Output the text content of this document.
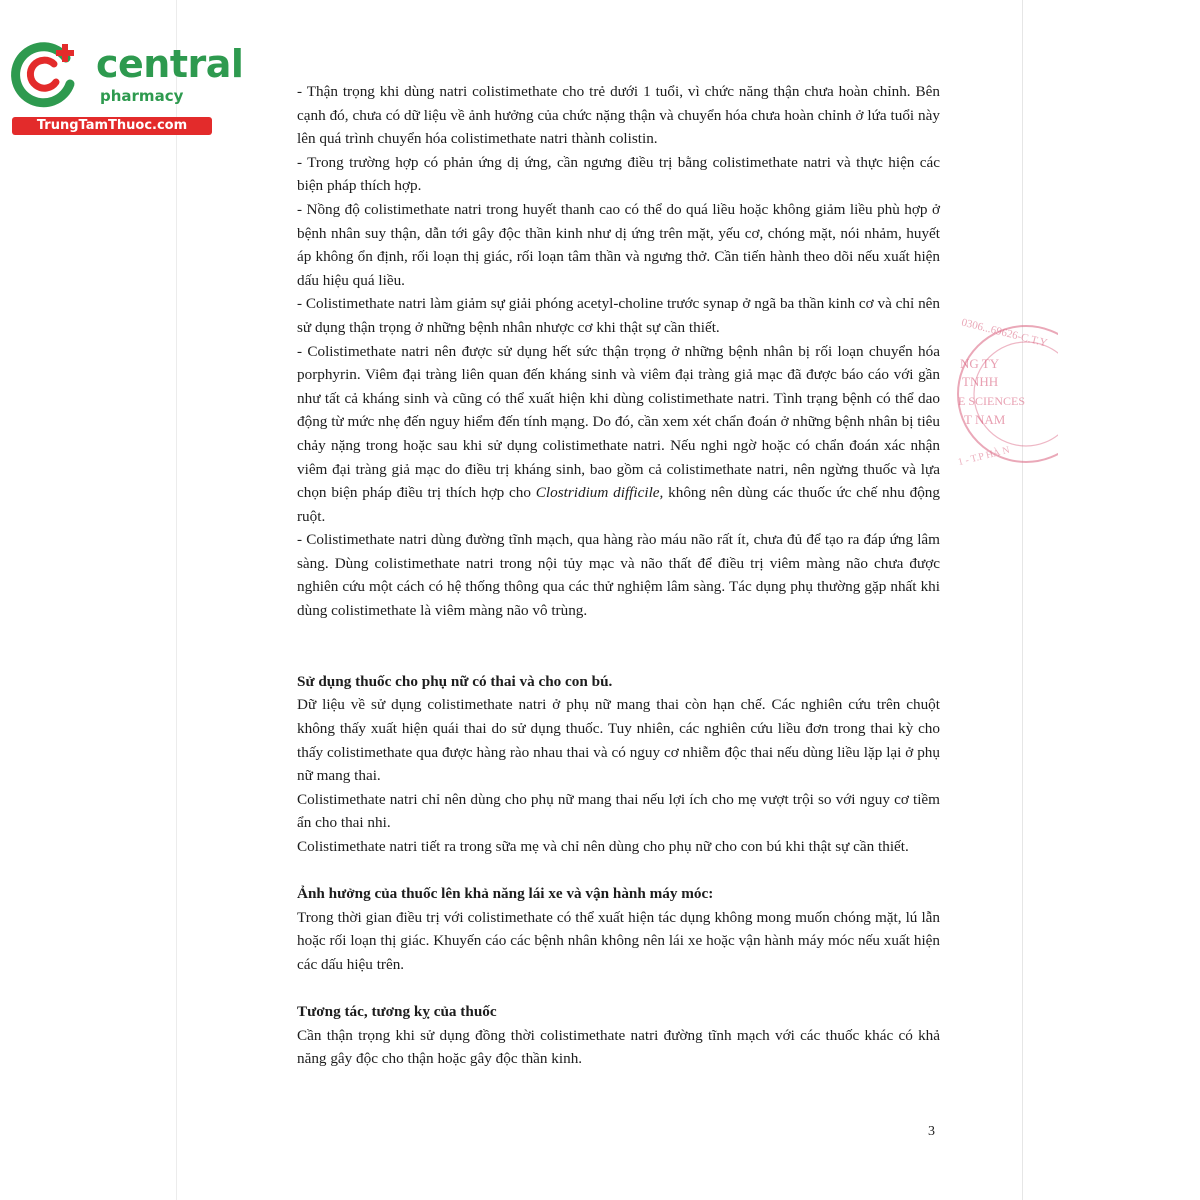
central
pharmacy
TrungTamThuoc.com
0306...69626-C.T.Y
NG TY
TNHH
E SCIENCES
T NAM
1 - T.P HÀ N

- Thận trọng khi dùng natri colistimethate cho trẻ dưới 1 tuổi, vì chức năng thận chưa hoàn chỉnh. Bên cạnh đó, chưa có dữ liệu về ảnh hưởng của chức nặng thận và chuyển hóa chưa hoàn chỉnh ở lứa tuổi này lên quá trình chuyển hóa colistimethate natri thành colistin.

- Trong trường hợp có phản ứng dị ứng, cần ngưng điều trị bằng colistimethate natri và thực hiện các biện pháp thích hợp.

- Nồng độ colistimethate natri trong huyết thanh cao có thể do quá liều hoặc không giảm liều phù hợp ở bệnh nhân suy thận, dẫn tới gây độc thần kinh như dị ứng trên mặt, yếu cơ, chóng mặt, nói nhảm, huyết áp không ổn định, rối loạn thị giác, rối loạn tâm thần và ngưng thở. Cần tiến hành theo dõi nếu xuất hiện dấu hiệu quá liều.

- Colistimethate natri làm giảm sự giải phóng acetyl-choline trước synap ở ngã ba thần kinh cơ và chỉ nên sử dụng thận trọng ở những bệnh nhân nhược cơ khi thật sự cần thiết.

- Colistimethate natri nên được sử dụng hết sức thận trọng ở những bệnh nhân bị rối loạn chuyển hóa porphyrin. Viêm đại tràng liên quan đến kháng sinh và viêm đại tràng giả mạc đã được báo cáo với gần như tất cả kháng sinh và cũng có thể xuất hiện khi dùng colistimethate natri. Tình trạng bệnh có thể dao động từ mức nhẹ đến nguy hiểm đến tính mạng. Do đó, cần xem xét chẩn đoán ở những bệnh nhân bị tiêu chảy nặng trong hoặc sau khi sử dụng colistimethate natri. Nếu nghi ngờ hoặc có chẩn đoán xác nhận viêm đại tràng giả mạc do điều trị kháng sinh, bao gồm cả colistimethate natri, nên ngừng thuốc và lựa chọn biện pháp điều trị thích hợp cho Clostridium difficile, không nên dùng các thuốc ức chế nhu động ruột.

- Colistimethate natri dùng đường tĩnh mạch, qua hàng rào máu não rất ít, chưa đủ để tạo ra đáp ứng lâm sàng. Dùng colistimethate natri trong nội tủy mạc và não thất để điều trị viêm màng não chưa được nghiên cứu một cách có hệ thống thông qua các thử nghiệm lâm sàng. Tác dụng phụ thường gặp nhất khi dùng colistimethate là viêm màng não vô trùng.

Sử dụng thuốc cho phụ nữ có thai và cho con bú.

Dữ liệu về sử dụng colistimethate natri ở phụ nữ mang thai còn hạn chế. Các nghiên cứu trên chuột không thấy xuất hiện quái thai do sử dụng thuốc. Tuy nhiên, các nghiên cứu liều đơn trong thai kỳ cho thấy colistimethate qua được hàng rào nhau thai và có nguy cơ nhiễm độc thai nếu dùng liều lặp lại ở phụ nữ mang thai.

Colistimethate natri chỉ nên dùng cho phụ nữ mang thai nếu lợi ích cho mẹ vượt trội so với nguy cơ tiềm ẩn cho thai nhi.

Colistimethate natri tiết ra trong sữa mẹ và chỉ nên dùng cho phụ nữ cho con bú khi thật sự cần thiết.

Ảnh hưởng của thuốc lên khả năng lái xe và vận hành máy móc:

Trong thời gian điều trị với colistimethate có thể xuất hiện tác dụng không mong muốn chóng mặt, lú lẫn hoặc rối loạn thị giác. Khuyến cáo các bệnh nhân không nên lái xe hoặc vận hành máy móc nếu xuất hiện các dấu hiệu trên.

Tương tác, tương kỵ của thuốc

Cần thận trọng khi sử dụng đồng thời colistimethate natri đường tĩnh mạch với các thuốc khác có khả năng gây độc cho thận hoặc gây độc thần kinh.

3
